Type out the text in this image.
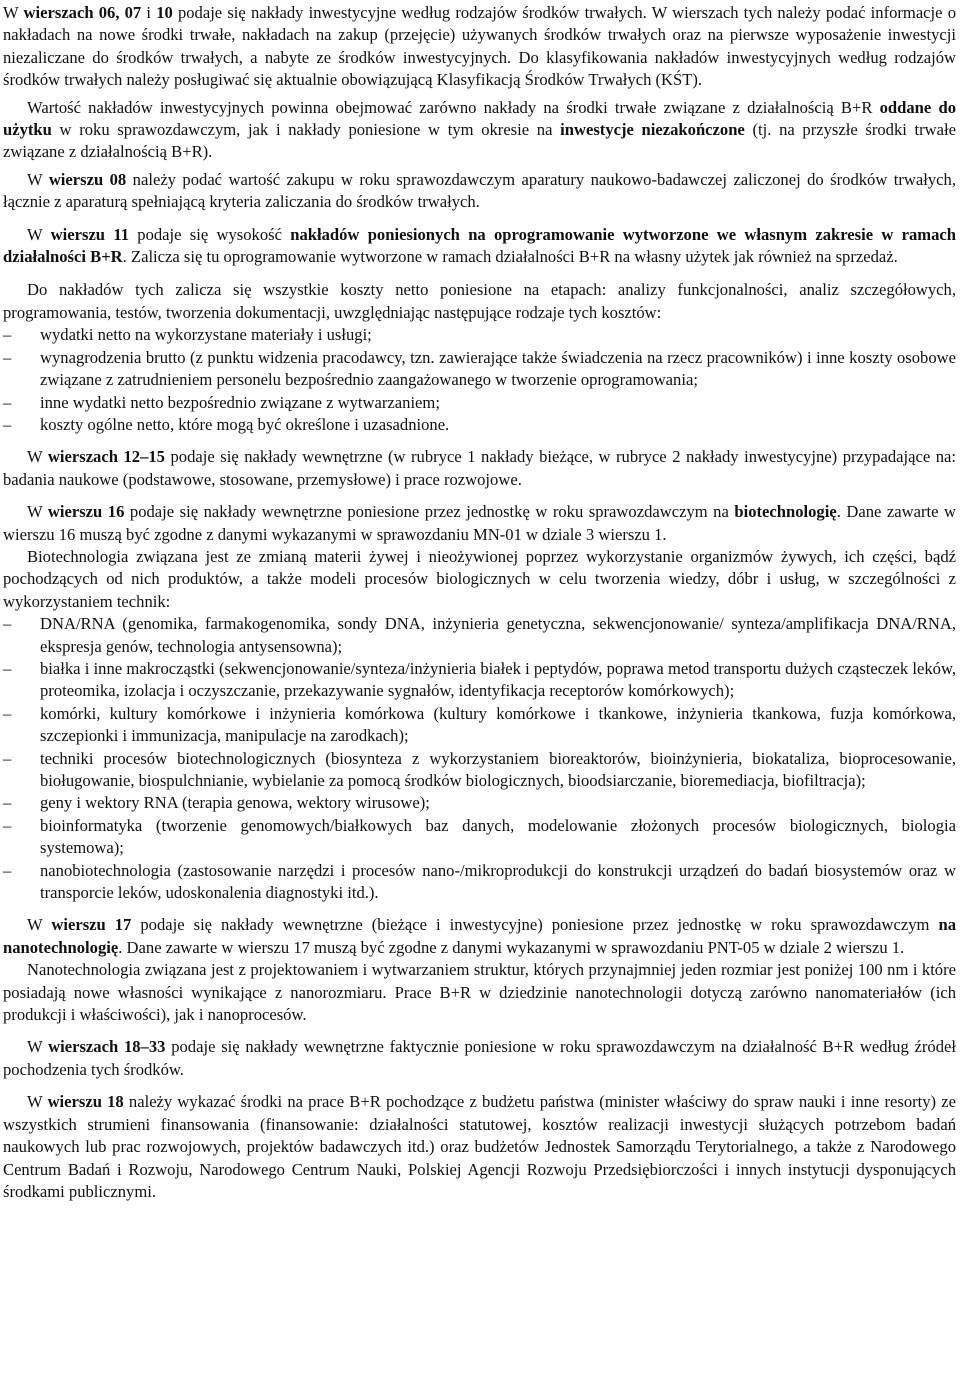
W wierszach 06, 07 i 10 podaje się nakłady inwestycyjne według rodzajów środków trwałych. W wierszach tych należy podać informacje o nakładach na nowe środki trwałe, nakładach na zakup (przejęcie) używanych środków trwałych oraz na pierwsze wyposażenie inwestycji niezaliczane do środków trwałych, a nabyte ze środków inwestycyjnych. Do klasyfikowania nakładów inwestycyjnych według rodzajów środków trwałych należy posługiwać się aktualnie obowiązującą Klasyfikacją Środków Trwałych (KŚT).

Wartość nakładów inwestycyjnych powinna obejmować zarówno nakłady na środki trwałe związane z działalnością B+R oddane do użytku w roku sprawozdawczym, jak i nakłady poniesione w tym okresie na inwestycje niezakończone (tj. na przyszłe środki trwałe związane z działalnością B+R).

W wierszu 08 należy podać wartość zakupu w roku sprawozdawczym aparatury naukowo-badawczej zaliczonej do środków trwałych, łącznie z aparaturą spełniającą kryteria zaliczania do środków trwałych.

W wierszu 11 podaje się wysokość nakładów poniesionych na oprogramowanie wytworzone we własnym zakresie w ramach działalności B+R. Zalicza się tu oprogramowanie wytworzone w ramach działalności B+R na własny użytek jak również na sprzedaż.

Do nakładów tych zalicza się wszystkie koszty netto poniesione na etapach: analizy funkcjonalności, analiz szczegółowych, programowania, testów, tworzenia dokumentacji, uwzględniając następujące rodzaje tych kosztów:

– wydatki netto na wykorzystane materiały i usługi;
– wynagrodzenia brutto (z punktu widzenia pracodawcy, tzn. zawierające także świadczenia na rzecz pracowników) i inne koszty osobowe związane z zatrudnieniem personelu bezpośrednio zaangażowanego w tworzenie oprogramowania;
– inne wydatki netto bezpośrednio związane z wytwarzaniem;
– koszty ogólne netto, które mogą być określone i uzasadnione.

W wierszach 12–15 podaje się nakłady wewnętrzne (w rubryce 1 nakłady bieżące, w rubryce 2 nakłady inwestycyjne) przypadające na: badania naukowe (podstawowe, stosowane, przemysłowe) i prace rozwojowe.

W wierszu 16 podaje się nakłady wewnętrzne poniesione przez jednostkę w roku sprawozdawczym na biotechnologię. Dane zawarte w wierszu 16 muszą być zgodne z danymi wykazanymi w sprawozdaniu MN-01 w dziale 3 wierszu 1.

Biotechnologia związana jest ze zmianą materii żywej i nieożywionej poprzez wykorzystanie organizmów żywych, ich części, bądź pochodzących od nich produktów, a także modeli procesów biologicznych w celu tworzenia wiedzy, dóbr i usług, w szczególności z wykorzystaniem technik:

– DNA/RNA (genomika, farmakogenomika, sondy DNA, inżynieria genetyczna, sekwencjonowanie/ synteza/amplifikacja DNA/RNA, ekspresja genów, technologia antysensowna);
– białka i inne makrocząstki (sekwencjonowanie/synteza/inżynieria białek i peptydów, poprawa metod transportu dużych cząsteczek leków, proteomika, izolacja i oczyszczanie, przekazywanie sygnałów, identyfikacja receptorów komórkowych);
– komórki, kultury komórkowe i inżynieria komórkowa (kultury komórkowe i tkankowe, inżynieria tkankowa, fuzja komórkowa, szczepionki i immunizacja, manipulacje na zarodkach);
– techniki procesów biotechnologicznych (biosynteza z wykorzystaniem bioreaktorów, bioinżynieria, biokataliza, bioprocesowanie, bioługowanie, biospulchnianie, wybielanie za pomocą środków biologicznych, bioodsiarczanie, bioremediacja, biofiltracja);
– geny i wektory RNA (terapia genowa, wektory wirusowe);
– bioinformatyka (tworzenie genomowych/białkowych baz danych, modelowanie złożonych procesów biologicznych, biologia systemowa);
– nanobiotechnologia (zastosowanie narzędzi i procesów nano-/mikroprodukcji do konstrukcji urządzeń do badań biosystemów oraz w transporcie leków, udoskonalenia diagnostyki itd.).

W wierszu 17 podaje się nakłady wewnętrzne (bieżące i inwestycyjne) poniesione przez jednostkę w roku sprawozdawczym na nanotechnologię. Dane zawarte w wierszu 17 muszą być zgodne z danymi wykazanymi w sprawozdaniu PNT-05 w dziale 2 wierszu 1.

Nanotechnologia związana jest z projektowaniem i wytwarzaniem struktur, których przynajmniej jeden rozmiar jest poniżej 100 nm i które posiadają nowe własności wynikające z nanorozmiaru. Prace B+R w dziedzinie nanotechnologii dotyczą zarówno nanomateriałów (ich produkcji i właściwości), jak i nanoprocesów.

W wierszach 18–33 podaje się nakłady wewnętrzne faktycznie poniesione w roku sprawozdawczym na działalność B+R według źródeł pochodzenia tych środków.

W wierszu 18 należy wykazać środki na prace B+R pochodzące z budżetu państwa (minister właściwy do spraw nauki i inne resorty) ze wszystkich strumieni finansowania (finansowanie: działalności statutowej, kosztów realizacji inwestycji służących potrzebom badań naukowych lub prac rozwojowych, projektów badawczych itd.) oraz budżetów Jednostek Samorządu Terytorialnego, a także z Narodowego Centrum Badań i Rozwoju, Narodowego Centrum Nauki, Polskiej Agencji Rozwoju Przedsiębiorczości i innych instytucji dysponujących środkami publicznymi.
